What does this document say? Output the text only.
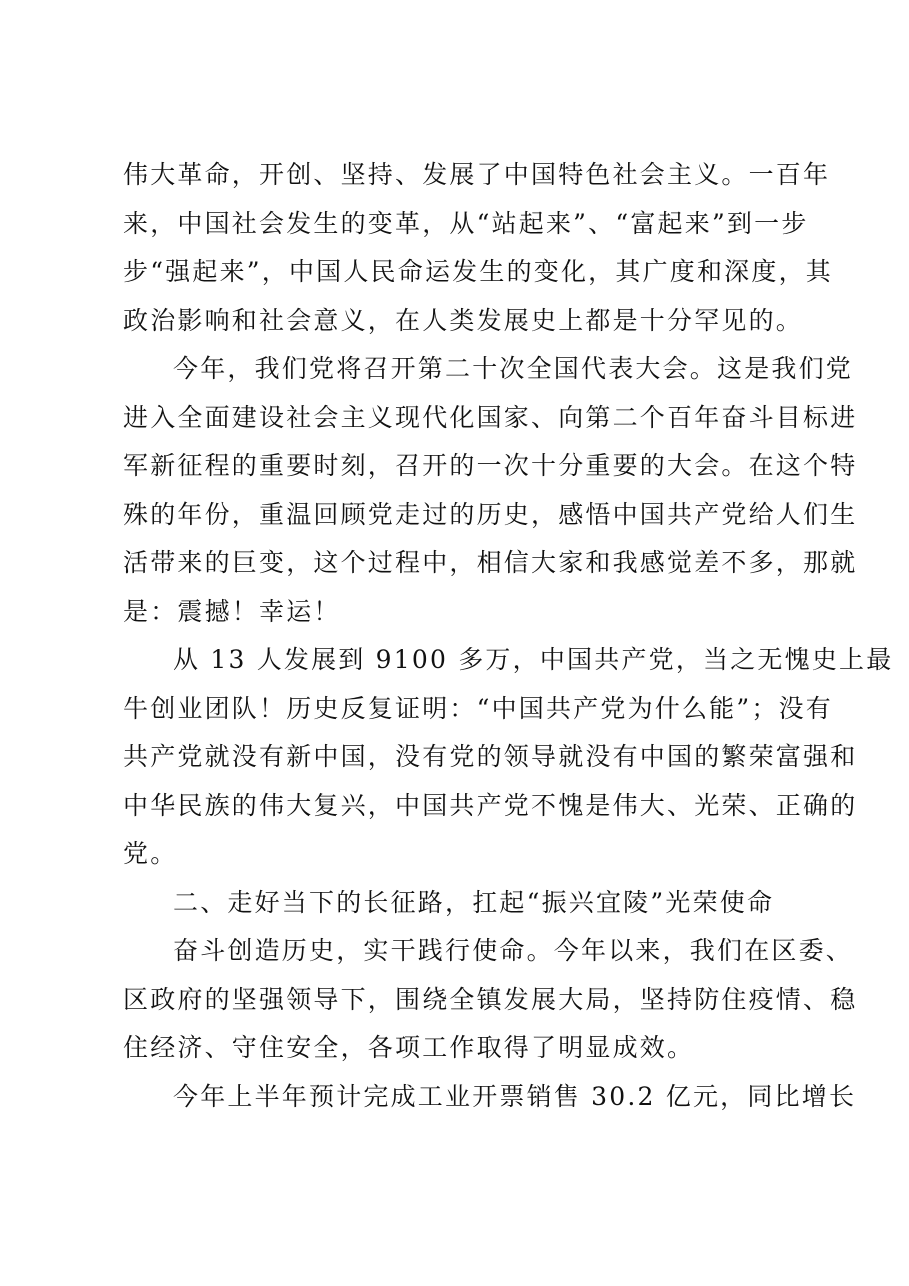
伟大革命，开创、坚持、发展了中国特色社会主义。一百年
来，中国社会发生的变革，从“站起来”、“富起来”到一步
步“强起来”，中国人民命运发生的变化，其广度和深度，其
政治影响和社会意义，在人类发展史上都是十分罕见的。

今年，我们党将召开第二十次全国代表大会。这是我们党
进入全面建设社会主义现代化国家、向第二个百年奋斗目标进
军新征程的重要时刻，召开的一次十分重要的大会。在这个特
殊的年份，重温回顾党走过的历史，感悟中国共产党给人们生
活带来的巨变，这个过程中，相信大家和我感觉差不多，那就
是：震撼！幸运！

从 13 人发展到 9100 多万，中国共产党，当之无愧史上最
牛创业团队！历史反复证明：“中国共产党为什么能”；没有
共产党就没有新中国，没有党的领导就没有中国的繁荣富强和
中华民族的伟大复兴，中国共产党不愧是伟大、光荣、正确的
党。

二、走好当下的长征路，扛起“振兴宜陵”光荣使命

奋斗创造历史，实干践行使命。今年以来，我们在区委、
区政府的坚强领导下，围绕全镇发展大局，坚持防住疫情、稳
住经济、守住安全，各项工作取得了明显成效。

今年上半年预计完成工业开票销售 30.2 亿元，同比增长
